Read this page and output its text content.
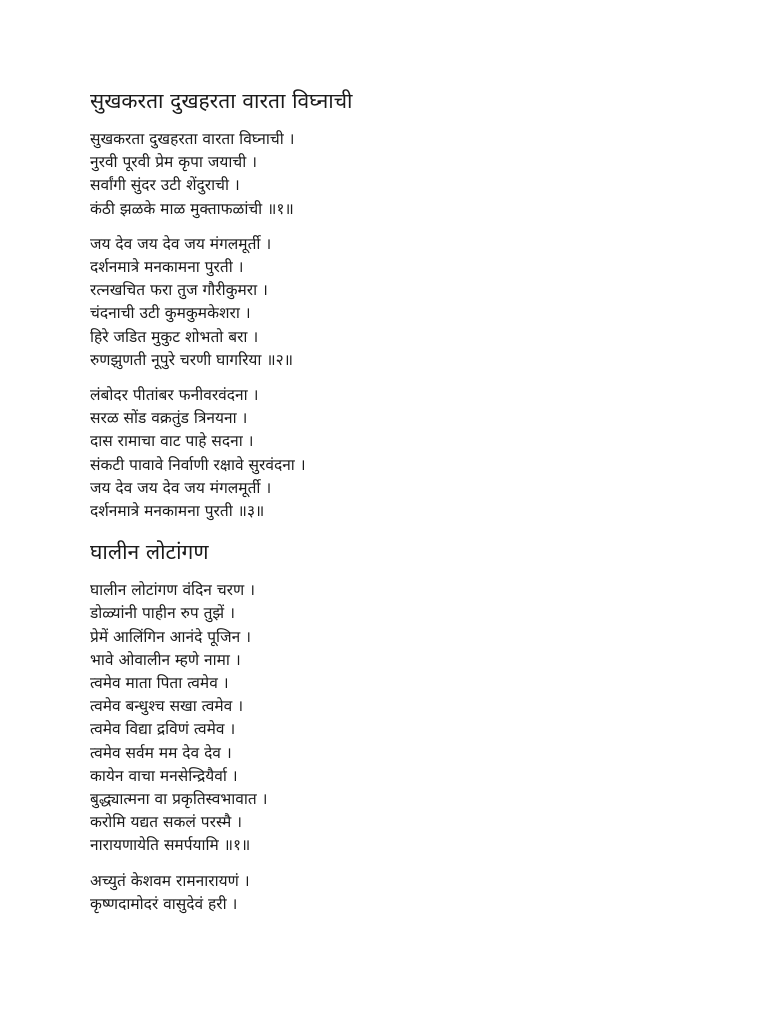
सुखकरता दुखहरता वारता विघ्नाची
सुखकरता दुखहरता वारता विघ्नाची ।
नुरवी पूरवी प्रेम कृपा जयाची ।
सर्वांगी सुंदर उटी शेंदुराची ।
कंठी झळके माळ मुक्ताफळांची ॥१॥
जय देव जय देव जय मंगलमूर्ती ।
दर्शनमात्रे मनकामना पुरती ।
रत्नखचित फरा तुज गौरीकुमरा ।
चंदनाची उटी कुमकुमकेशरा ।
हिरे जडित मुकुट शोभतो बरा ।
रुणझुणती नूपुरे चरणी घागरिया ॥२॥
लंबोदर पीतांबर फनीवरवंदना ।
सरळ सोंड वक्रतुंड त्रिनयना ।
दास रामाचा वाट पाहे सदना ।
संकटी पावावे निर्वाणी रक्षावे सुरवंदना ।
जय देव जय देव जय मंगलमूर्ती ।
दर्शनमात्रे मनकामना पुरती ॥३॥
घालीन लोटांगण
घालीन लोटांगण वंदिन चरण ।
डोळ्यांनी पाहीन रुप तुझें ।
प्रेमें आलिंगिन आनंदे पूजिन ।
भावे ओवालीन म्हणे नामा ।
त्वमेव माता पिता त्वमेव ।
त्वमेव बन्धुश्च सखा त्वमेव ।
त्वमेव विद्या द्रविणं त्वमेव ।
त्वमेव सर्वम मम देव देव ।
कायेन वाचा मनसेन्द्रियैर्वा ।
बुद्ध्यात्मना वा प्रकृतिस्वभावात ।
करोमि यद्यत सकलं परस्मै ।
नारायणायेति समर्पयामि ॥१॥
अच्युतं केशवम रामनारायणं ।
कृष्णदामोदरं वासुदेवं हरी ।
